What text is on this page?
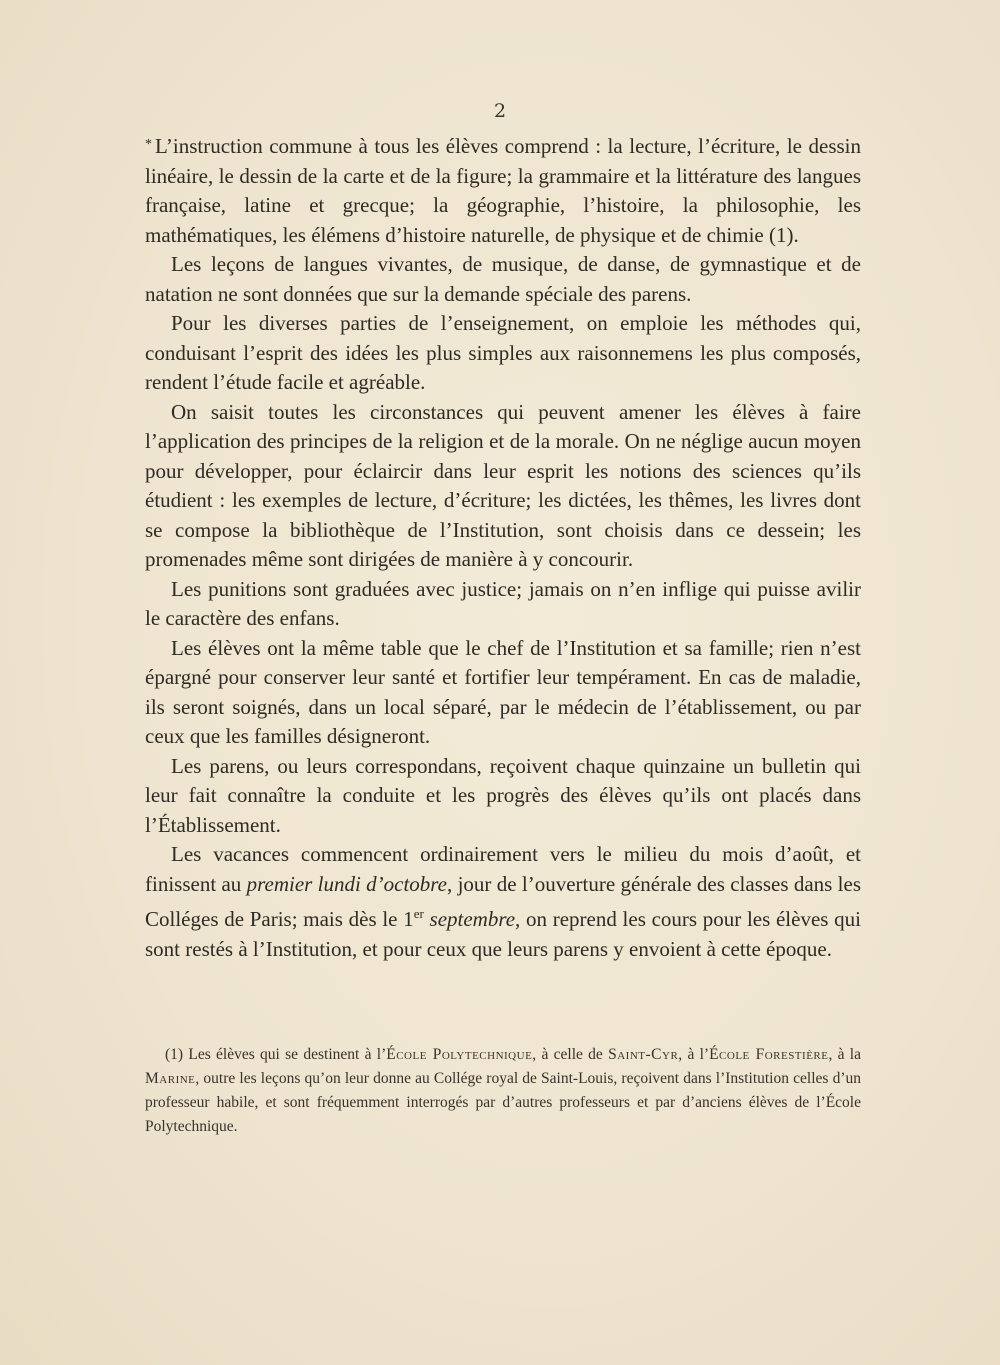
2

* L’instruction commune à tous les élèves comprend : la lecture, l’écriture, le dessin linéaire, le dessin de la carte et de la figure; la grammaire et la littérature des langues française, latine et grecque; la géographie, l’histoire, la philosophie, les mathématiques, les élémens d’histoire naturelle, de physique et de chimie (1).

Les leçons de langues vivantes, de musique, de danse, de gymnastique et de natation ne sont données que sur la demande spéciale des parens.

Pour les diverses parties de l’enseignement, on emploie les méthodes qui, conduisant l’esprit des idées les plus simples aux raisonnemens les plus composés, rendent l’étude facile et agréable.

On saisit toutes les circonstances qui peuvent amener les élèves à faire l’application des principes de la religion et de la morale. On ne néglige aucun moyen pour développer, pour éclaircir dans leur esprit les notions des sciences qu’ils étudient : les exemples de lecture, d’écriture; les dictées, les thêmes, les livres dont se compose la bibliothèque de l’Institution, sont choisis dans ce dessein; les promenades même sont dirigées de manière à y concourir.

Les punitions sont graduées avec justice; jamais on n’en inflige qui puisse avilir le caractère des enfans.

Les élèves ont la même table que le chef de l’Institution et sa famille; rien n’est épargné pour conserver leur santé et fortifier leur tempérament. En cas de maladie, ils seront soignés, dans un local séparé, par le médecin de l’établissement, ou par ceux que les familles désigneront.

Les parens, ou leurs correspondans, reçoivent chaque quinzaine un bulletin qui leur fait connaître la conduite et les progrès des élèves qu’ils ont placés dans l’Établissement.

Les vacances commencent ordinairement vers le milieu du mois d’août, et finissent au premier lundi d’octobre, jour de l’ouverture générale des classes dans les Colléges de Paris; mais dès le 1er septembre, on reprend les cours pour les élèves qui sont restés à l’Institution, et pour ceux que leurs parens y envoient à cette époque.

(1) Les élèves qui se destinent à l’École Polytechnique, à celle de Saint-Cyr, à l’École Forestière, à la Marine, outre les leçons qu’on leur donne au Collége royal de Saint-Louis, reçoivent dans l’Institution celles d’un professeur habile, et sont fréquemment interrogés par d’autres professeurs et par d’anciens élèves de l’École Polytechnique.
